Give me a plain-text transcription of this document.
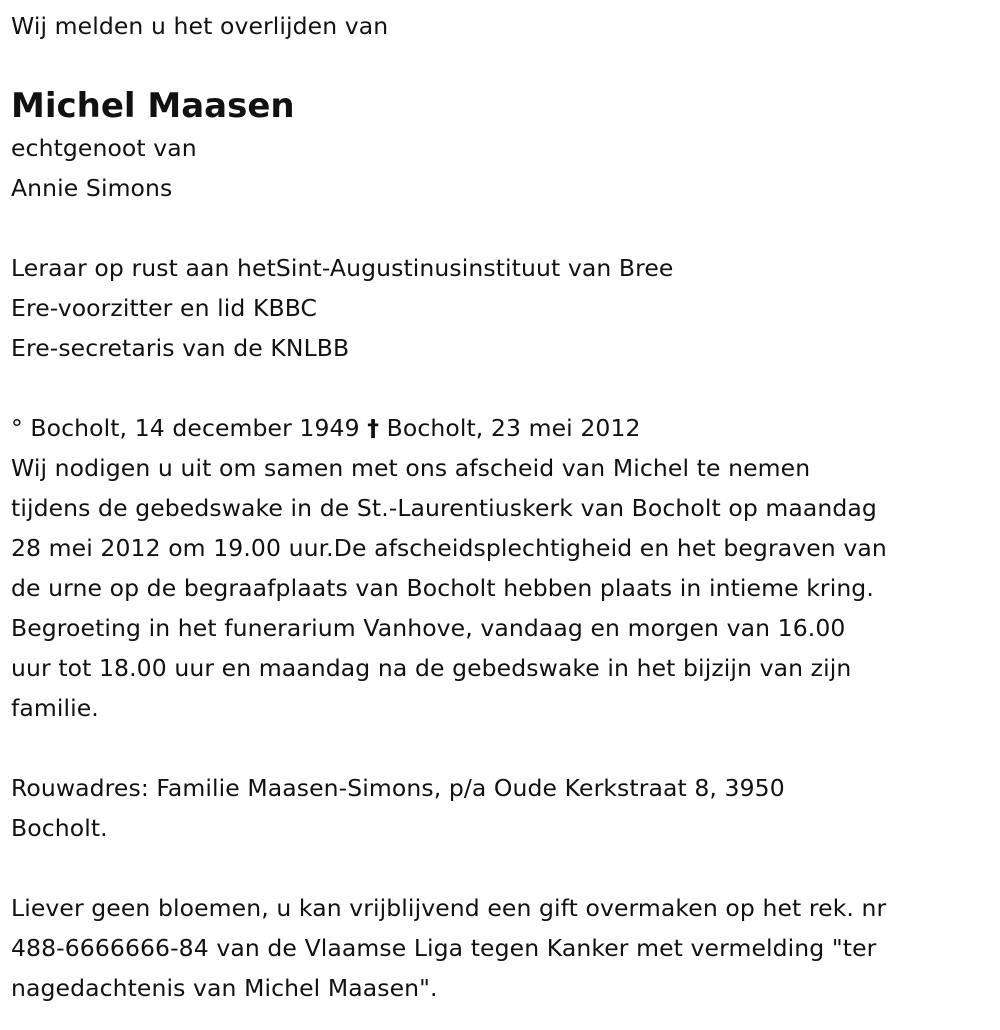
Wij melden u het overlijden van
Michel Maasen
echtgenoot van
Annie Simons
Leraar op rust aan hetSint-Augustinusinstituut van Bree
Ere-voorzitter en lid KBBC
Ere-secretaris van de KNLBB
° Bocholt, 14 december 1949 † Bocholt, 23 mei 2012
Wij nodigen u uit om samen met ons afscheid van Michel te nemen
tijdens de gebedswake in de St.-Laurentiuskerk van Bocholt op maandag
28 mei 2012 om 19.00 uur.De afscheidsplechtigheid en het begraven van
de urne op de begraafplaats van Bocholt hebben plaats in intieme kring.
Begroeting in het funerarium Vanhove, vandaag en morgen van 16.00
uur tot 18.00 uur en maandag na de gebedswake in het bijzijn van zijn
familie.
Rouwadres: Familie Maasen-Simons, p/a Oude Kerkstraat 8, 3950
Bocholt.
Liever geen bloemen, u kan vrijblijvend een gift overmaken op het rek. nr
488-6666666-84 van de Vlaamse Liga tegen Kanker met vermelding "ter
nagedachtenis van Michel Maasen".
